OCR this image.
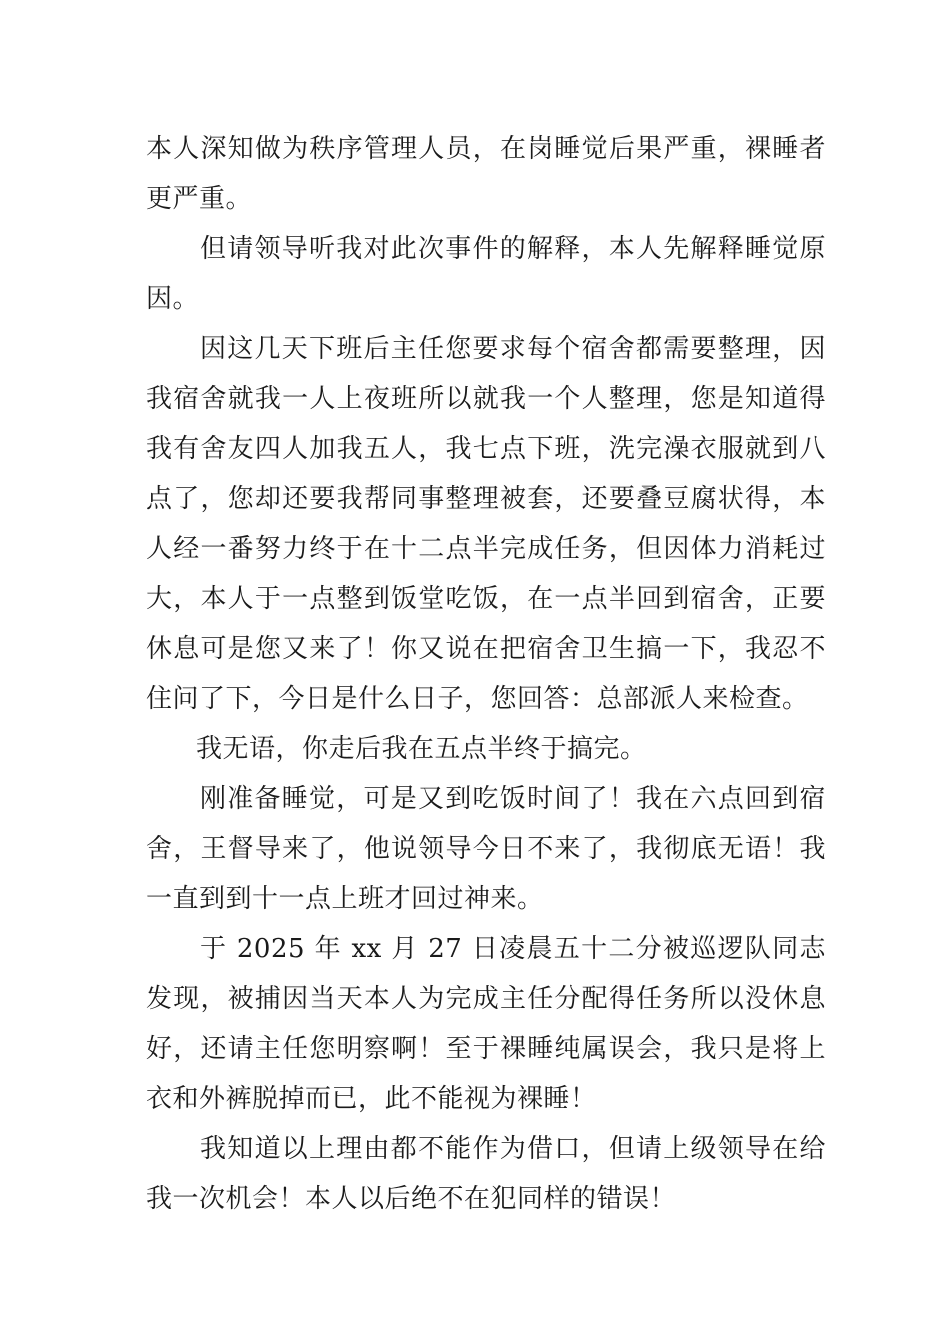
本人深知做为秩序管理人员，在岗睡觉后果严重，裸睡者更严重。

但请领导听我对此次事件的解释，本人先解释睡觉原因。

因这几天下班后主任您要求每个宿舍都需要整理，因我宿舍就我一人上夜班所以就我一个人整理，您是知道得我有舍友四人加我五人，我七点下班，洗完澡衣服就到八点了，您却还要我帮同事整理被套，还要叠豆腐状得，本人经一番努力终于在十二点半完成任务，但因体力消耗过大，本人于一点整到饭堂吃饭，在一点半回到宿舍，正要休息可是您又来了！你又说在把宿舍卫生搞一下，我忍不住问了下，今日是什么日子，您回答：总部派人来检查。

我无语，你走后我在五点半终于搞完。

刚准备睡觉，可是又到吃饭时间了！我在六点回到宿舍，王督导来了，他说领导今日不来了，我彻底无语！我一直到到十一点上班才回过神来。

于 2025 年 xx 月 27 日凌晨五十二分被巡逻队同志发现，被捕因当天本人为完成主任分配得任务所以没休息好，还请主任您明察啊！至于裸睡纯属误会，我只是将上衣和外裤脱掉而已，此不能视为裸睡！

我知道以上理由都不能作为借口，但请上级领导在给我一次机会！本人以后绝不在犯同样的错误！
